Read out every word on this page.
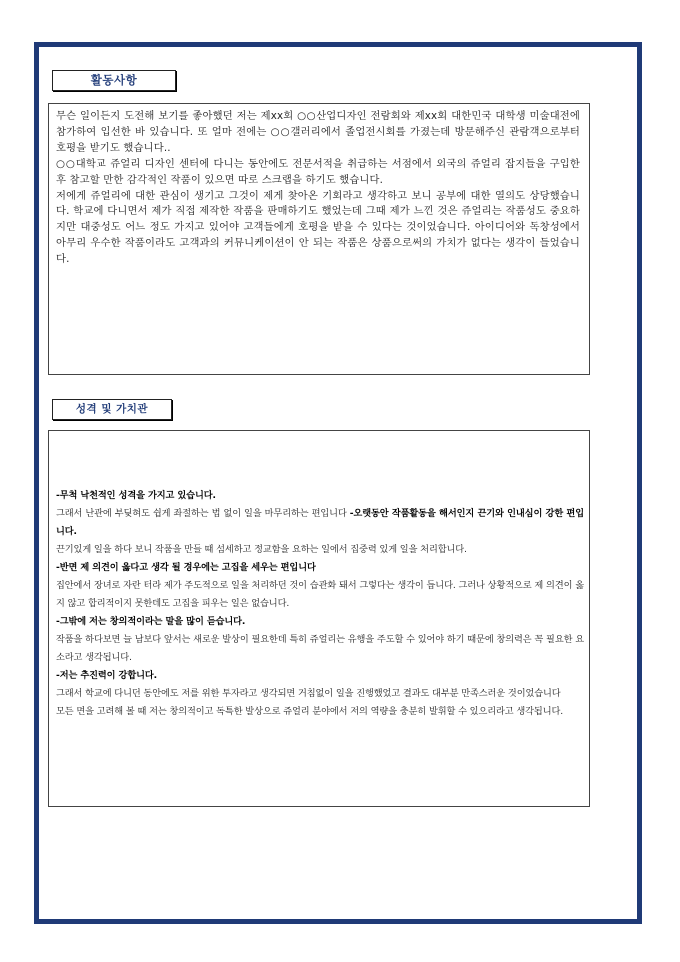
활동사항

무슨 일이든지 도전해 보기를 좋아했던 저는 제xx회 ○○산업디자인 전람회와 제xx회 대한민국 대학생 미술대전에 참가하여 입선한 바 있습니다. 또 얼마 전에는 ○○갤러리에서 졸업전시회를 가졌는데 방문해주신 관람객으로부터 호평을 받기도 했습니다..

○○대학교 쥬얼리 디자인 센터에 다니는 동안에도 전문서적을 취급하는 서점에서 외국의 쥬얼리 잡지들을 구입한 후 참고할 만한 감각적인 작품이 있으면 따로 스크랩을 하기도 했습니다.

저에게 쥬얼리에 대한 관심이 생기고 그것이 제게 찾아온 기회라고 생각하고 보니 공부에 대한 열의도 상당했습니다. 학교에 다니면서 제가 직접 제작한 작품을 판매하기도 했었는데 그때 제가 느낀 것은 쥬얼리는 작품성도 중요하지만 대중성도 어느 정도 가지고 있어야 고객들에게 호평을 받을 수 있다는 것이었습니다. 아이디어와 독창성에서 아무리 우수한 작품이라도 고객과의 커뮤니케이션이 안 되는 작품은 상품으로써의 가치가 없다는 생각이 들었습니다.

성격 및 가치관

-무척 낙천적인 성격을 가지고 있습니다.

그래서 난관에 부딪혀도 쉽게 좌절하는 법 없이 일을 마무리하는 편입니다 -오랫동안 작품활동을 해서인지 끈기와 인내심이 강한 편입니다.

끈기있게 일을 하다 보니 작품을 만들 때 섬세하고 정교함을 요하는 일에서 집중력 있게 일을 처리합니다.

-반면 제 의견이 옳다고 생각 될 경우에는 고집을 세우는 편입니다

집안에서 장녀로 자란 터라 제가 주도적으로 일을 처리하던 것이 습관화 돼서 그렇다는 생각이 듭니다. 그러나 상황적으로 제 의견이 옳지 않고 합리적이지 못한데도 고집을 피우는 일은 없습니다.

-그밖에 저는 창의적이라는 말을 많이 듣습니다.

작품을 하다보면 늘 남보다 앞서는 새로운 발상이 필요한데 특히 쥬얼리는 유행을 주도할 수 있어야 하기 때문에 창의력은 꼭 필요한 요소라고 생각됩니다.

-저는 추진력이 강합니다.

그래서 학교에 다니던 동안에도 저를 위한 투자라고 생각되면 거침없이 일을 진행했었고 결과도 대부분 만족스러운 것이었습니다

모든 면을 고려해 볼 때 저는 창의적이고 독특한 발상으로 쥬얼리 분야에서 저의 역량을 충분히 발휘할 수 있으리라고 생각됩니다.
